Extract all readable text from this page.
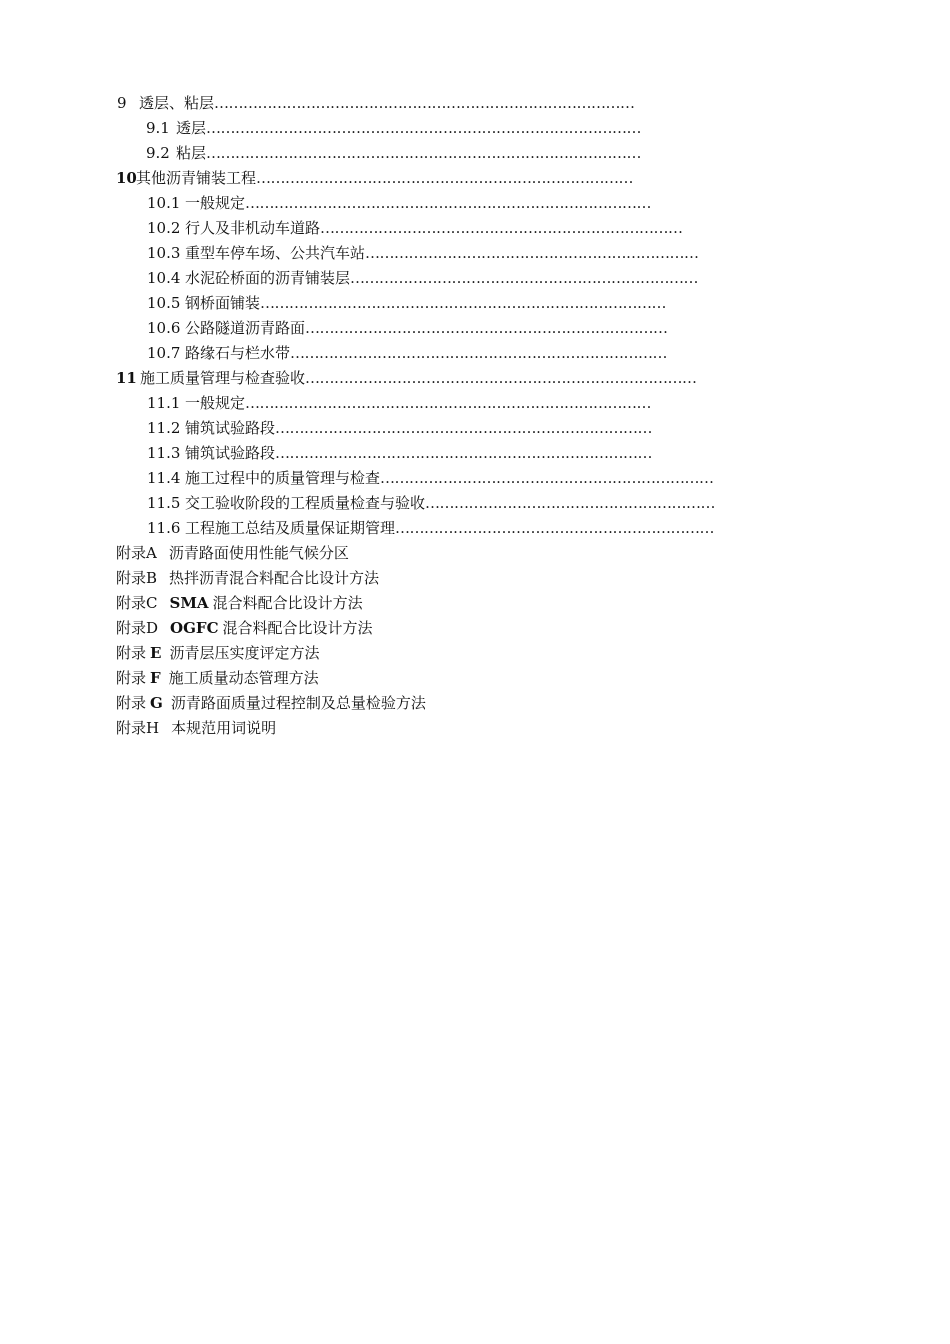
9 透层、粘层……………………………………………………………………………
9.1 透层………………………………………………………………………………
9.2 粘层………………………………………………………………………………
10其他沥青铺装工程……………………………………………………………………
10.1 一般规定…………………………………………………………………………
10.2 行人及非机动车道路…………………………………………………………………
10.3 重型车停车场、公共汽车站……………………………………………………………
10.4 水泥砼桥面的沥青铺装层………………………………………………………………
10.5 钢桥面铺装…………………………………………………………………………
10.6 公路隧道沥青路面…………………………………………………………………
10.7 路缘石与栏水带……………………………………………………………………
11 施工质量管理与检查验收………………………………………………………………………
11.1 一般规定…………………………………………………………………………
11.2 铺筑试验路段……………………………………………………………………
11.3 铺筑试验路段……………………………………………………………………
11.4 施工过程中的质量管理与检查……………………………………………………………
11.5 交工验收阶段的工程质量检查与验收……………………………………………………
11.6 工程施工总结及质量保证期管理…………………………………………………………
附录A 沥青路面使用性能气候分区
附录B 热拌沥青混合料配合比设计方法
附录C SMA 混合料配合比设计方法
附录D OGFC 混合料配合比设计方法
附录 E 沥青层压实度评定方法
附录 F 施工质量动态管理方法
附录 G 沥青路面质量过程控制及总量检验方法
附录H 本规范用词说明
